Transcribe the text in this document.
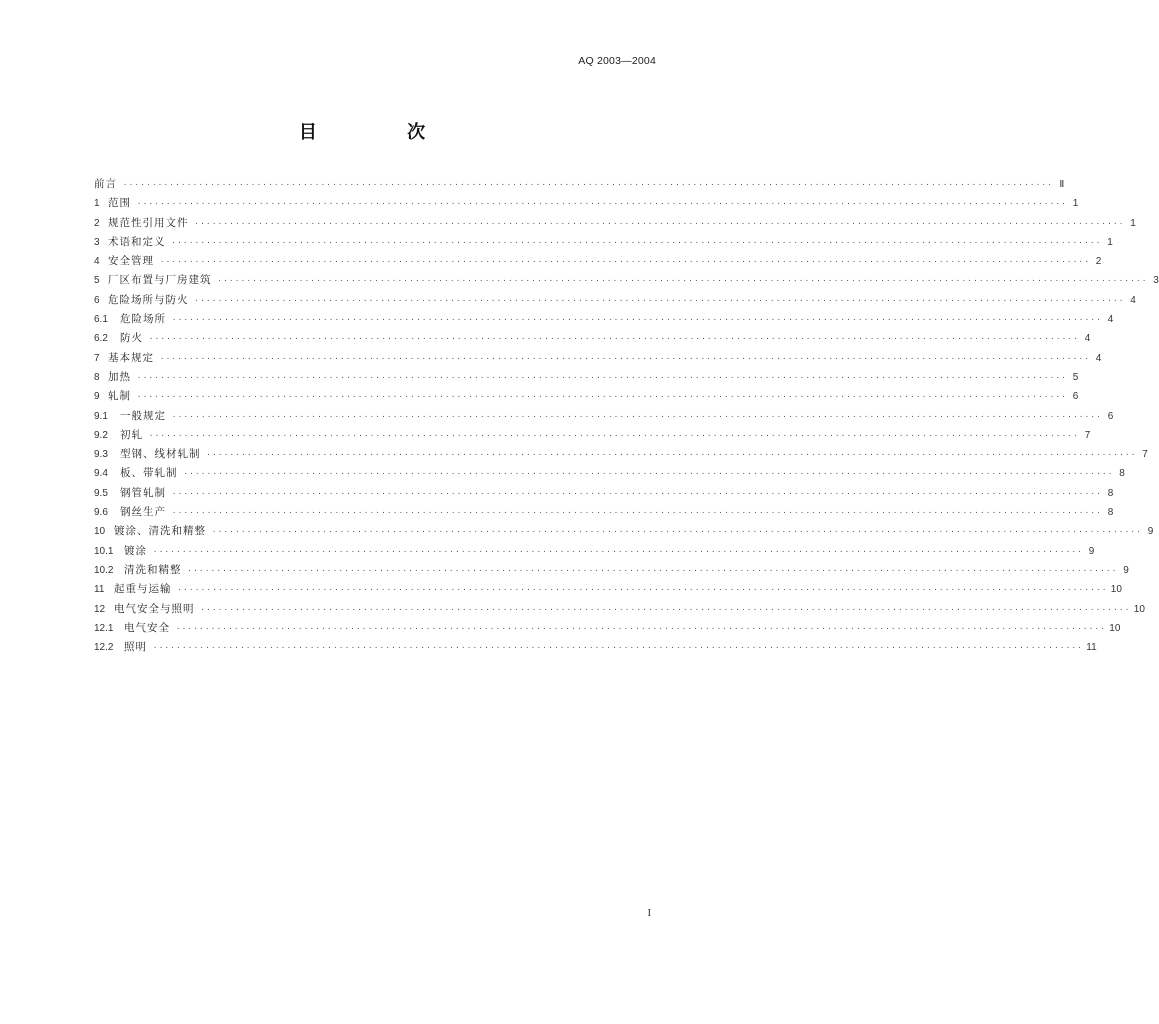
AQ 2003—2004
目 次
前言 ································································································································································ Ⅱ
1 范围 ································································································································································ 1
2 规范性引用文件 ································································································································································ 1
3 术语和定义 ································································································································································ 1
4 安全管理 ································································································································································ 2
5 厂区布置与厂房建筑 ································································································································································ 3
6 危险场所与防火 ································································································································································ 4
6.1	危险场所 ································································································································································ 4
6.2	防火 ································································································································································ 4
7 基本规定 ································································································································································ 4
8 加热 ································································································································································ 5
9 轧制 ································································································································································ 6
9.1	一般规定 ································································································································································ 6
9.2	初轧 ································································································································································ 7
9.3	型钢、线材轧制 ································································································································································ 7
9.4	板、带轧制 ································································································································································ 8
9.5	钢管轧制 ································································································································································ 8
9.6	钢丝生产 ································································································································································ 8
10 镀涂、清洗和精整 ································································································································································ 9
10.1	镀涂 ································································································································································ 9
10.2	清洗和精整 ································································································································································ 9
11 起重与运输 ································································································································································ 10
12 电气安全与照明 ································································································································································ 10
12.1	电气安全 ································································································································································ 10
12.2	照明 ································································································································································ 11
I
